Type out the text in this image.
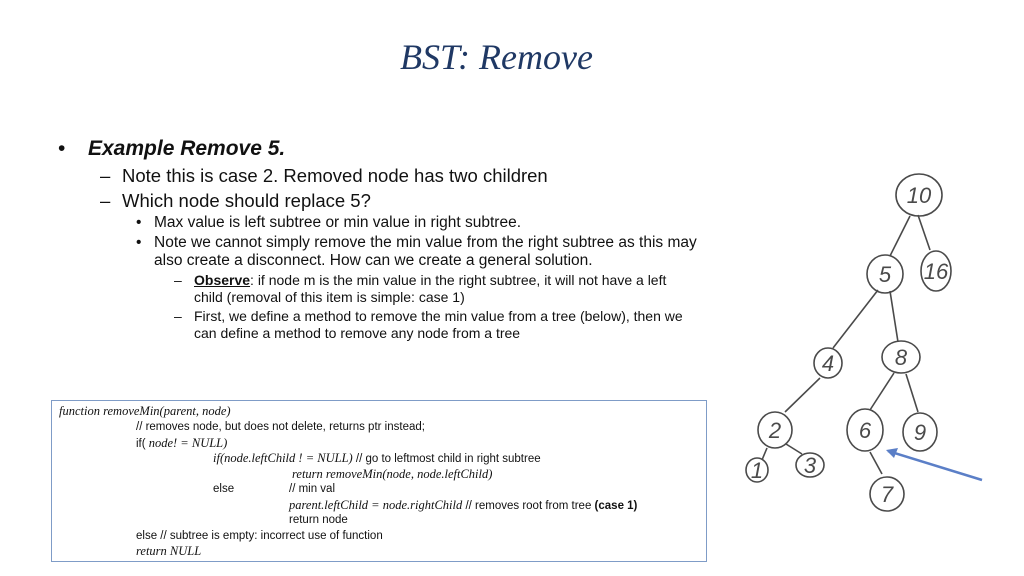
BST: Remove
• Example Remove 5.
– Note this is case 2. Removed node has two children
– Which node should replace 5?
• Max value is left subtree or min value in right subtree.
• Note we cannot simply remove the min value from the right subtree as this may also create a disconnect. How can we create a general solution.
– Observe: if node m is the min value in the right subtree, it will not have a left child (removal of this item is simple: case 1)
– First, we define a method to remove the min value from a tree (below), then we can define a method to remove any node from a tree
function removeMin(parent, node)
// removes node, but does not delete, returns ptr instead;
if( node! = NULL)
if(node.leftChild ! = NULL) // go to leftmost child in right subtree
return removeMin(node, node.leftChild)
else	// min val
parent.leftChild = node.rightChild // removes root from tree (case 1)
return node
else // subtree is empty: incorrect use of function
return NULL
10
5 16
4	8
2	6 9
1 3
7
